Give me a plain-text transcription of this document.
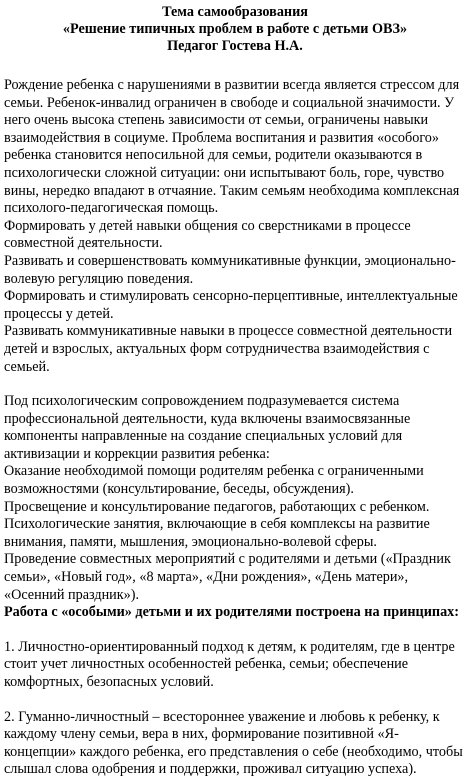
Тема самообразования
«Решение типичных проблем в работе с детьми ОВЗ»
Педагог Гостева Н.А.

Рождение ребенка с нарушениями в развитии всегда является стрессом для семьи. Ребенок-инвалид ограничен в свободе и социальной значимости. У него очень высока степень зависимости от семьи, ограничены навыки взаимодействия в социуме. Проблема воспитания и развития «особого» ребенка становится непосильной для семьи, родители оказываются в психологически сложной ситуации: они испытывают боль, горе, чувство вины, нередко впадают в отчаяние. Таким семьям необходима комплексная психолого-педагогическая помощь.

Формировать у детей навыки общения со сверстниками в процессе совместной деятельности.

Развивать и совершенствовать коммуникативные функции, эмоционально-волевую регуляцию поведения.

Формировать и стимулировать сенсорно-перцептивные, интеллектуальные процессы у детей.

Развивать коммуникативные навыки в процессе совместной деятельности детей и взрослых, актуальных форм сотрудничества взаимодействия с семьей.

Под психологическим сопровождением подразумевается система профессиональной деятельности, куда включены взаимосвязанные компоненты направленные на создание специальных условий для активизации и коррекции развития ребенка:

Оказание необходимой помощи родителям ребенка с ограниченными возможностями (консультирование, беседы, обсуждения).

Просвещение и консультирование педагогов, работающих с ребенком.

Психологические занятия, включающие в себя комплексы на развитие внимания, памяти, мышления, эмоционально-волевой сферы.

Проведение совместных мероприятий с родителями и детьми («Праздник семьи», «Новый год», «8 марта», «Дни рождения», «День матери», «Осенний праздник»).

Работа с «особыми» детьми и их родителями построена на принципах:

1. Личностно-ориентированный подход к детям, к родителям, где в центре стоит учет личностных особенностей ребенка, семьи; обеспечение комфортных, безопасных условий.

2. Гуманно-личностный – всестороннее уважение и любовь к ребенку, к каждому члену семьи, вера в них, формирование позитивной «Я-концепции» каждого ребенка, его представления о себе (необходимо, чтобы слышал слова одобрения и поддержки, проживал ситуацию успеха).
